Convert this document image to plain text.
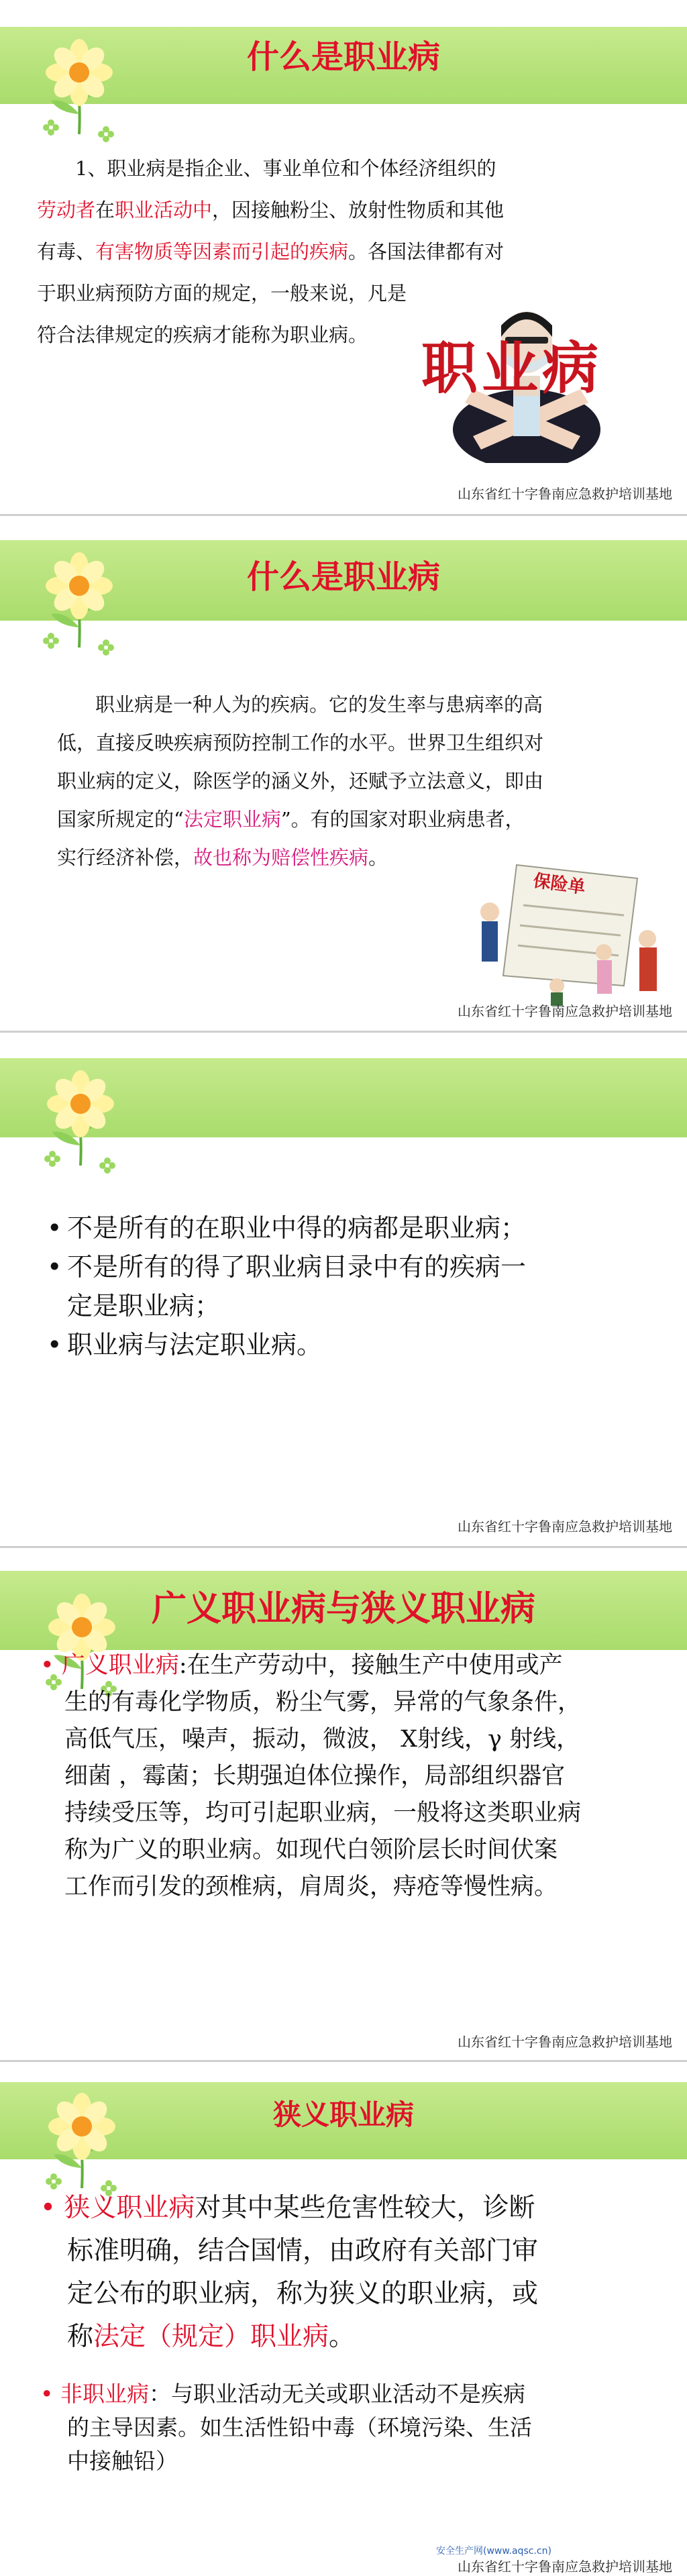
什么是职业病
1、职业病是指企业、事业单位和个体经济组织的
劳动者在职业活动中，因接触粉尘、放射性物质和其他
有毒、有害物质等因素而引起的疾病。各国法律都有对
于职业病预防方面的规定，一般来说，凡是
符合法律规定的疾病才能称为职业病。
职业病
山东省红十字鲁南应急救护培训基地
什么是职业病
职业病是一种人为的疾病。它的发生率与患病率的高
低，直接反映疾病预防控制工作的水平。世界卫生组织对
职业病的定义，除医学的涵义外，还赋予立法意义，即由
国家所规定的“法定职业病”。有的国家对职业病患者，
实行经济补偿，故也称为赔偿性疾病。
保险单
山东省红十字鲁南应急救护培训基地
• 不是所有的在职业中得的病都是职业病；
• 不是所有的得了职业病目录中有的疾病一
定是职业病；
• 职业病与法定职业病。
山东省红十字鲁南应急救护培训基地
广义职业病与狭义职业病
• 广义职业病:在生产劳动中，接触生产中使用或产
生的有毒化学物质，粉尘气雾，异常的气象条件，
高低气压，噪声，振动，微波， X射线，γ 射线，
细菌 ，霉菌；长期强迫体位操作，局部组织器官
持续受压等，均可引起职业病，一般将这类职业病
称为广义的职业病。如现代白领阶层长时间伏案
工作而引发的颈椎病，肩周炎，痔疮等慢性病。
山东省红十字鲁南应急救护培训基地
狭义职业病
• 狭义职业病对其中某些危害性较大，诊断
标准明确，结合国情，由政府有关部门审
定公布的职业病，称为狭义的职业病，或
称法定（规定）职业病。
• 非职业病：与职业活动无关或职业活动不是疾病
的主导因素。如生活性铅中毒（环境污染、生活
中接触铅）
安全生产网(www.aqsc.cn)
山东省红十字鲁南应急救护培训基地
